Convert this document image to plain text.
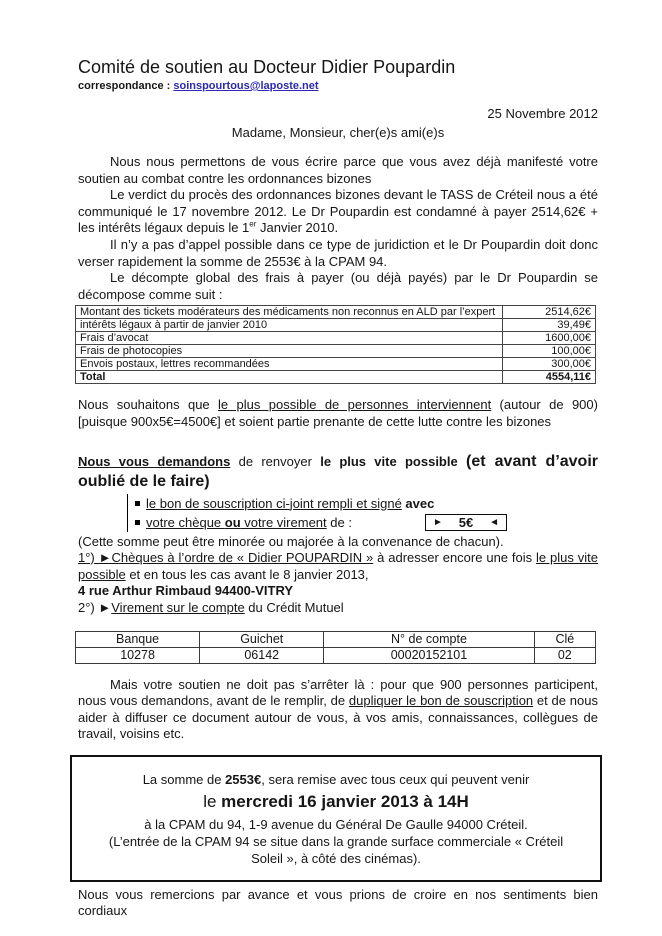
Comité de soutien au Docteur Didier Poupardin
correspondance : soinspourtous@laposte.net
25 Novembre 2012
Madame, Monsieur, cher(e)s ami(e)s

Nous nous permettons de vous écrire parce que vous avez déjà manifesté votre soutien au combat contre les ordonnances bizones

Le verdict du procès des ordonnances bizones devant le TASS de Créteil nous a été communiqué le 17 novembre 2012. Le Dr Poupardin est condamné à payer 2514,62€ + les intérêts légaux depuis le 1er Janvier 2010.

Il n’y a pas d’appel possible dans ce type de juridiction et le Dr Poupardin doit donc verser rapidement la somme de 2553€ à la CPAM 94.

Le décompte global des frais à payer (ou déjà payés) par le Dr Poupardin se décompose comme suit :

Montant des tickets modérateurs des médicaments non reconnus en ALD par l’expert	2514,62€
intérêts légaux à partir de janvier 2010	39,49€
Frais d’avocat	1600,00€
Frais de photocopies	100,00€
Envois postaux, lettres recommandées	300,00€
Total	4554,11€

Nous souhaitons que le plus possible de personnes interviennent (autour de 900) [puisque 900x5€=4500€] et soient partie prenante de cette lutte contre les bizones

Nous vous demandons de renvoyer le plus vite possible (et avant d’avoir oublié de le faire)

le bon de souscription ci-joint rempli et signé avec
votre chèque ou votre virement de :	► 5€ ◄

(Cette somme peut être minorée ou majorée à la convenance de chacun).

1°) ►Chèques à l’ordre de « Didier POUPARDIN » à adresser encore une fois le plus vite possible et en tous les cas avant le 8 janvier 2013,

4 rue Arthur Rimbaud 94400-VITRY

2°) ►Virement sur le compte du Crédit Mutuel

Banque	Guichet	N° de compte	Clé
10278	06142	00020152101	02

Mais votre soutien ne doit pas s’arrêter là : pour que 900 personnes participent, nous vous demandons, avant de le remplir, de dupliquer le bon de souscription et de nous aider à diffuser ce document autour de vous, à vos amis, connaissances, collègues de travail, voisins etc.

La somme de 2553€, sera remise avec tous ceux qui peuvent venir
le mercredi 16 janvier 2013 à 14H
à la CPAM du 94, 1-9 avenue du Général De Gaulle 94000 Créteil.
(L’entrée de la CPAM 94 se situe dans la grande surface commerciale « Créteil Soleil », à côté des cinémas).

Nous vous remercions par avance et vous prions de croire en nos sentiments bien cordiaux
